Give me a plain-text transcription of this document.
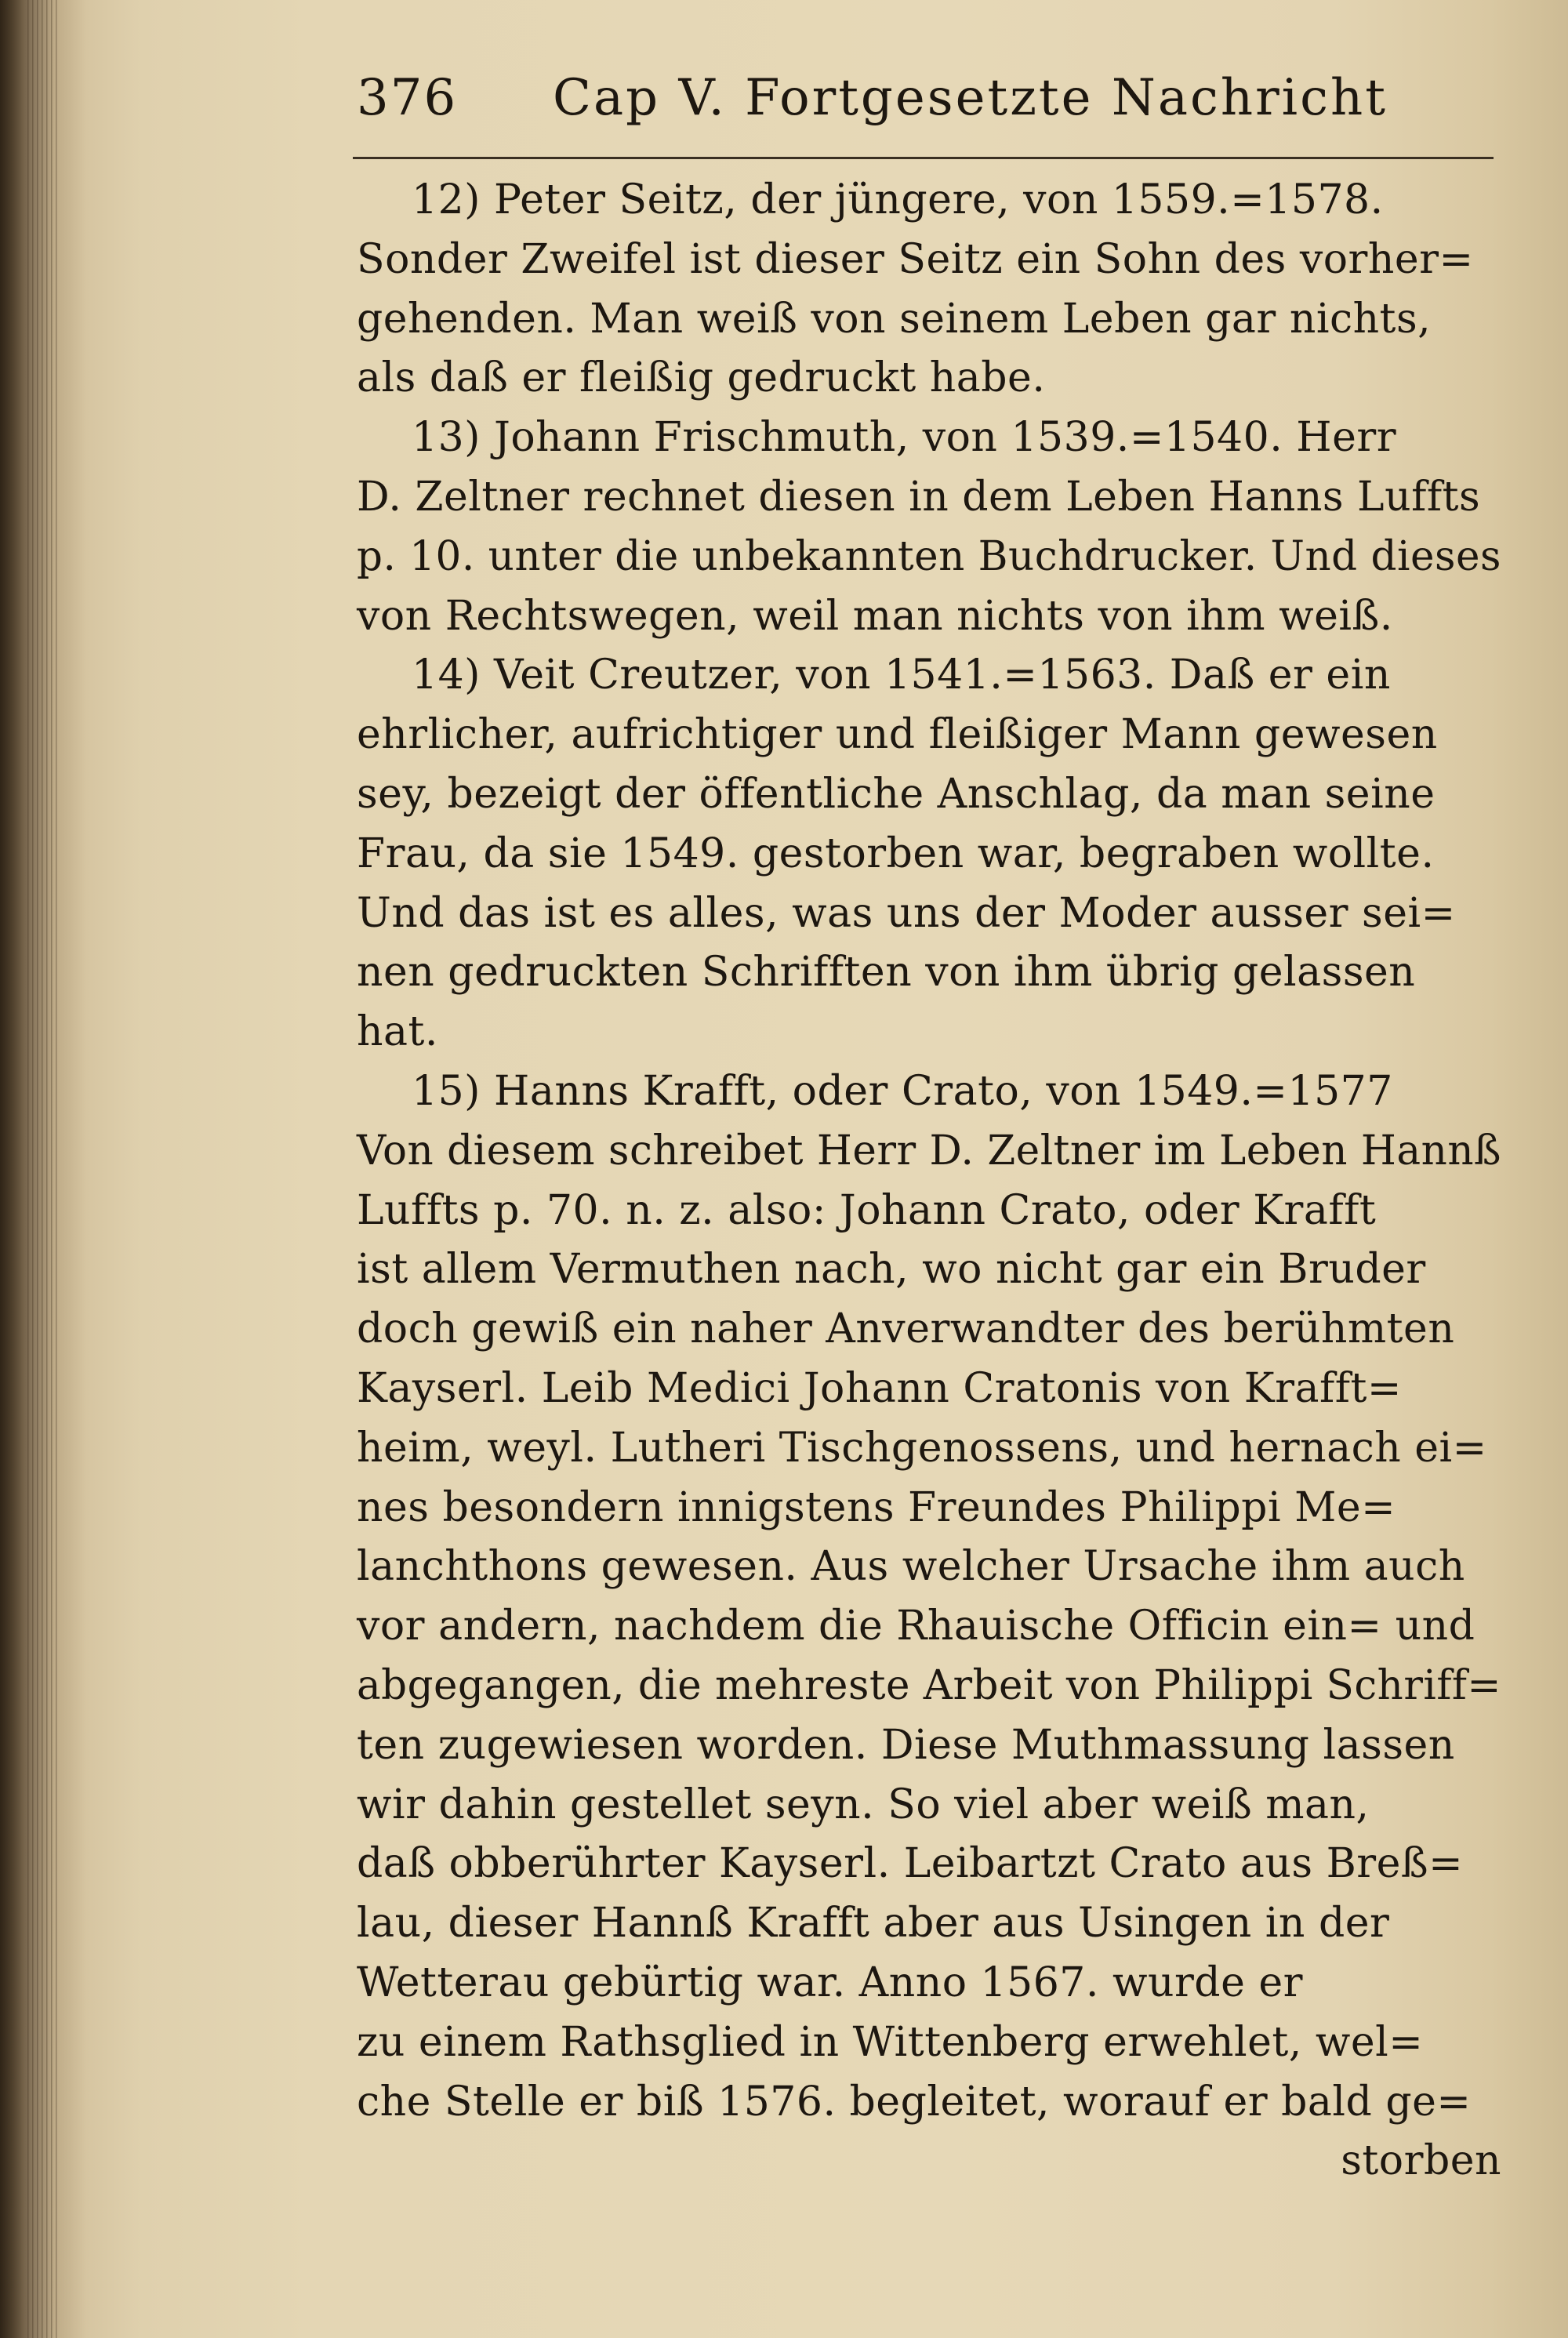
376 Cap V. Fortgesetzte Nachricht
12) Peter Seitz, der jüngere, von 1559.=1578.
Sonder Zweifel ist dieser Seitz ein Sohn des vorher=
gehenden. Man weiß von seinem Leben gar nichts,
als daß er fleißig gedruckt habe.
13) Johann Frischmuth, von 1539.=1540. Herr
D. Zeltner rechnet diesen in dem Leben Hanns Luffts
p. 10. unter die unbekannten Buchdrucker. Und dieses
von Rechtswegen, weil man nichts von ihm weiß.
14) Veit Creutzer, von 1541.=1563. Daß er ein
ehrlicher, aufrichtiger und fleißiger Mann gewesen
sey, bezeigt der öffentliche Anschlag, da man seine
Frau, da sie 1549. gestorben war, begraben wollte.
Und das ist es alles, was uns der Moder ausser sei=
nen gedruckten Schrifften von ihm übrig gelassen
hat.
15) Hanns Krafft, oder Crato, von 1549.=1577
Von diesem schreibet Herr D. Zeltner im Leben Hannß
Luffts p. 70. n. z. also: Johann Crato, oder Krafft
ist allem Vermuthen nach, wo nicht gar ein Bruder
doch gewiß ein naher Anverwandter des berühmten
Kayserl. Leib Medici Johann Cratonis von Krafft=
heim, weyl. Lutheri Tischgenossens, und hernach ei=
nes besondern innigstens Freundes Philippi Me=
lanchthons gewesen. Aus welcher Ursache ihm auch
vor andern, nachdem die Rhauische Officin ein= und
abgegangen, die mehreste Arbeit von Philippi Schriff=
ten zugewiesen worden. Diese Muthmassung lassen
wir dahin gestellet seyn. So viel aber weiß man,
daß obberührter Kayserl. Leibartzt Crato aus Breß=
lau, dieser Hannß Krafft aber aus Usingen in der
Wetterau gebürtig war. Anno 1567. wurde er
zu einem Rathsglied in Wittenberg erwehlet, wel=
che Stelle er biß 1576. begleitet, worauf er bald ge=
storben
